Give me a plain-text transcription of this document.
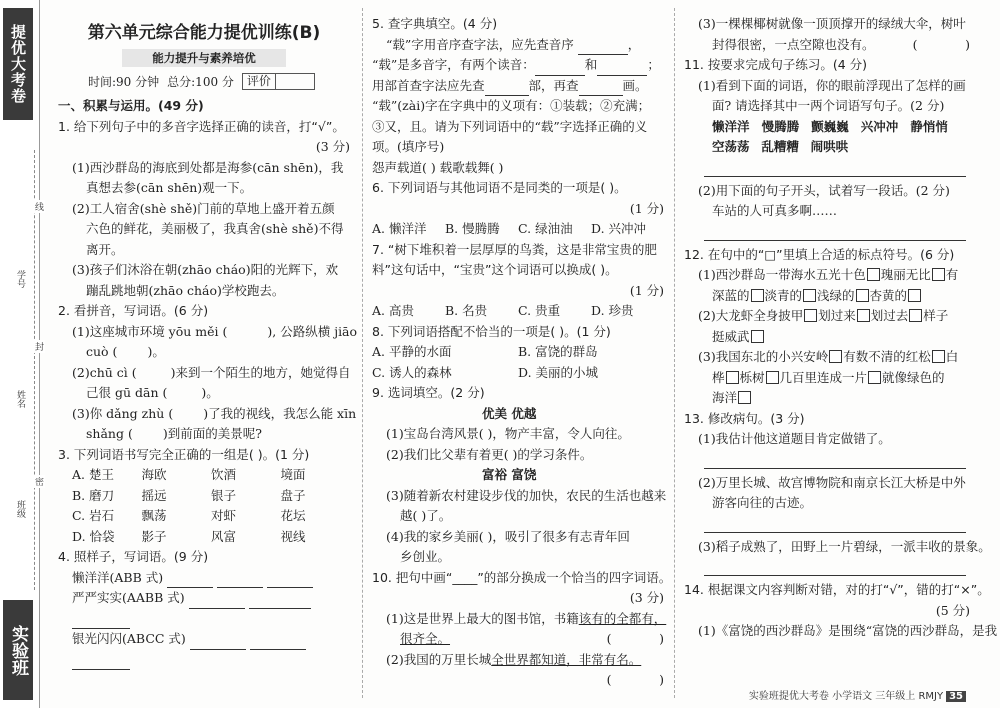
提优大考卷
班级
姓名
学号
线
封
密
实验班
第六单元综合能力提优训练(B)
能力提升与素养培优
时间:90 分钟 总分:100 分	评价
一、积累与运用。(49 分)
1. 给下列句子中的多音字选择正确的读音，打“√”。
(3 分)
(1)西沙群岛的海底到处都是海参(cān shēn)，我
真想去参(cān shēn)观一下。
(2)工人宿舍(shè shě)门前的草地上盛开着五颜
六色的鲜花，美丽极了，我真舍(shè shě)不得
离开。
(3)孩子们沐浴在朝(zhāo cháo)阳的光辉下，欢
蹦乱跳地朝(zhāo cháo)学校跑去。
2. 看拼音，写词语。(6 分)
(1)这座城市环境 yōu měi (	), 公路纵横 jiāo
cuò ( )。
(2)chū cì (	)来到一个陌生的地方，她觉得自
己很 gū dān (	)。
(3)你 dǎng zhù ( )了我的视线，我怎么能 xīn
shǎng ( )到前面的美景呢?
3. 下列词语书写完全正确的一组是( )。(1 分)
A. 楚王	海欧	饮酒	境面
B. 磨刀	摇远	银子	盘子
C. 岩石	飘荡	对虾	花坛
D. 恰袋	影子	风富	视线
4. 照样子，写词语。(9 分)
懒洋洋(ABB 式)
严严实实(AABB 式)
银光闪闪(ABCC 式)
5. 查字典填空。(4 分)
“载”字用音序查字法，应先查音序	，
“载”是多音字，有两个读音：	和	；
用部首查字法应先查	部，再查	画。
“载”(zài)字在字典中的义项有：①装载；②充满；
③又，且。请为下列词语中的“载”字选择正确的义
项。(填序号)
怨声载道( ) 载歌载舞( )
6. 下列词语与其他词语不是同类的一项是( )。
(1 分)
A. 懒洋洋	B. 慢腾腾	C. 绿油油	D. 兴冲冲
7. “树下堆积着一层厚厚的鸟粪，这是非常宝贵的肥
料”这句话中，“宝贵”这个词语可以换成( )。
(1 分)
A. 高贵	B. 名贵	C. 贵重	D. 珍贵
8. 下列词语搭配不恰当的一项是( )。(1 分)
A. 平静的水面	B. 富饶的群岛
C. 诱人的森林	D. 美丽的小城
9. 选词填空。(2 分)
优美 优越
(1)宝岛台湾风景( )，物产丰富，令人向往。
(2)我们比父辈有着更( )的学习条件。
富裕 富饶
(3)随着新农村建设步伐的加快，农民的生活也越来
越( )了。
(4)我的家乡美丽( )，吸引了很多有志青年回
乡创业。
10. 把句中画“____”的部分换成一个恰当的四字词语。
(3 分)
(1)这是世界上最大的图书馆，书籍该有的全都有，
很齐全。	(            )
(2)我国的万里长城全世界都知道，非常有名。
(            )
(3)一棵棵椰树就像一顶顶撑开的绿绒大伞，树叶
封得很密，一点空隙也没有。	(            )
11. 按要求完成句子练习。(4 分)
(1)看到下面的词语，你的眼前浮现出了怎样的画
面? 请选择其中一两个词语写句子。(2 分)
懒洋洋 慢腾腾 颤巍巍 兴冲冲 静悄悄
空荡荡 乱糟糟 闹哄哄
(2)用下面的句子开头，试着写一段话。(2 分)
车站的人可真多啊……
12. 在句中的“□”里填上合适的标点符号。(6 分)
(1)西沙群岛一带海水五光十色 瑰丽无比 有
深蓝的 淡青的 浅绿的 杏黄的
(2)大龙虾全身披甲 划过来 划过去 样子
挺威武
(3)我国东北的小兴安岭 有数不清的红松 白
桦 栎树 几百里连成一片 就像绿色的
海洋
13. 修改病句。(3 分)
(1)我估计他这道题目肯定做错了。
(2)万里长城、故宫博物院和南京长江大桥是中外
游客向往的古迹。
(3)稻子成熟了，田野上一片碧绿，一派丰收的景象。
14. 根据课文内容判断对错，对的打“√”，错的打“×”。
(5 分)
(1)《富饶的西沙群岛》是围绕“富饶的西沙群岛，是我
实验班提优大考卷 小学语文 三年级上 RMJY 35
